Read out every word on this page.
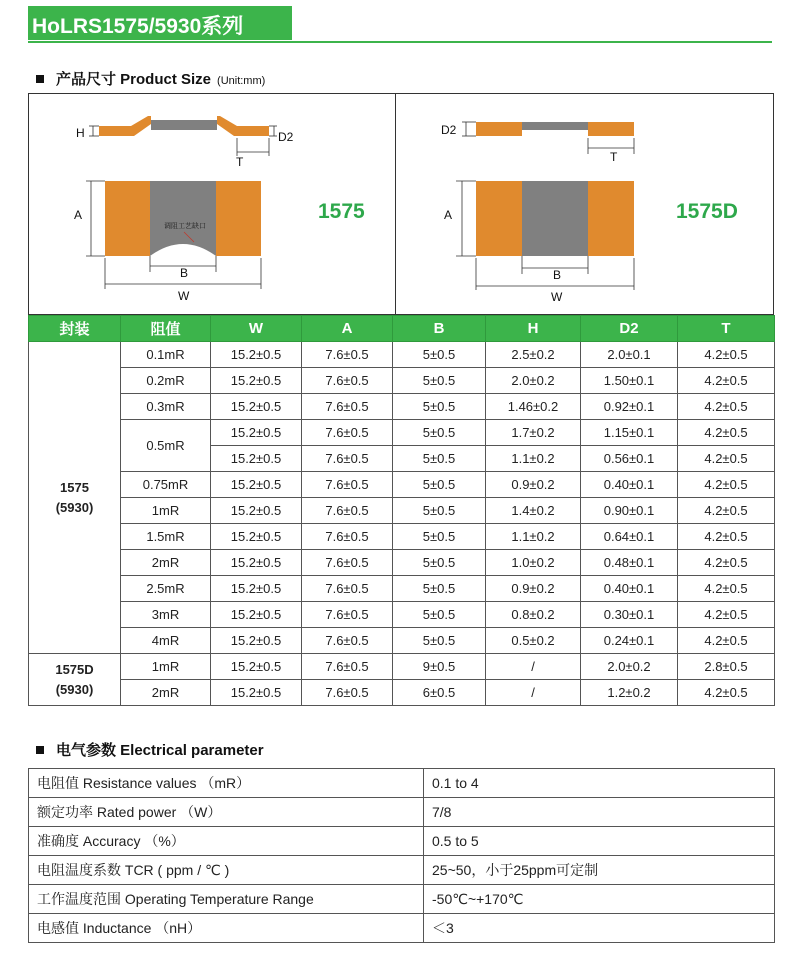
HoLRS1575/5930系列
产品尺寸 Product Size (Unit:mm)
H	D2
T
A
B
W
调阻工艺缺口
1575
D2
T
A
B
W
1575D
封装	阻值	W	A	B	H	D2	T

1575
(5930)	0.1mR	15.2±0.5	7.6±0.5	5±0.5	2.5±0.2	2.0±0.1	4.2±0.5
	0.2mR	15.2±0.5	7.6±0.5	5±0.5	2.0±0.2	1.50±0.1	4.2±0.5
	0.3mR	15.2±0.5	7.6±0.5	5±0.5	1.46±0.2	0.92±0.1	4.2±0.5
	0.5mR	15.2±0.5	7.6±0.5	5±0.5	1.7±0.2	1.15±0.1	4.2±0.5
		15.2±0.5	7.6±0.5	5±0.5	1.1±0.2	0.56±0.1	4.2±0.5
	0.75mR	15.2±0.5	7.6±0.5	5±0.5	0.9±0.2	0.40±0.1	4.2±0.5
	1mR	15.2±0.5	7.6±0.5	5±0.5	1.4±0.2	0.90±0.1	4.2±0.5
	1.5mR	15.2±0.5	7.6±0.5	5±0.5	1.1±0.2	0.64±0.1	4.2±0.5
	2mR	15.2±0.5	7.6±0.5	5±0.5	1.0±0.2	0.48±0.1	4.2±0.5
	2.5mR	15.2±0.5	7.6±0.5	5±0.5	0.9±0.2	0.40±0.1	4.2±0.5
	3mR	15.2±0.5	7.6±0.5	5±0.5	0.8±0.2	0.30±0.1	4.2±0.5
	4mR	15.2±0.5	7.6±0.5	5±0.5	0.5±0.2	0.24±0.1	4.2±0.5

1575D
(5930)	1mR	15.2±0.5	7.6±0.5	9±0.5	/	2.0±0.2	2.8±0.5
	2mR	15.2±0.5	7.6±0.5	6±0.5	/	1.2±0.2	4.2±0.5
电气参数 Electrical parameter
电阻值 Resistance values （mR）	0.1 to 4
额定功率 Rated power （W）	7/8
准确度 Accuracy （%）	0.5 to 5
电阻温度系数 TCR ( ppm / ℃ )	25~50，小于25ppm可定制
工作温度范围 Operating Temperature Range	-50℃~+170℃
电感值 Inductance （nH）	＜3
